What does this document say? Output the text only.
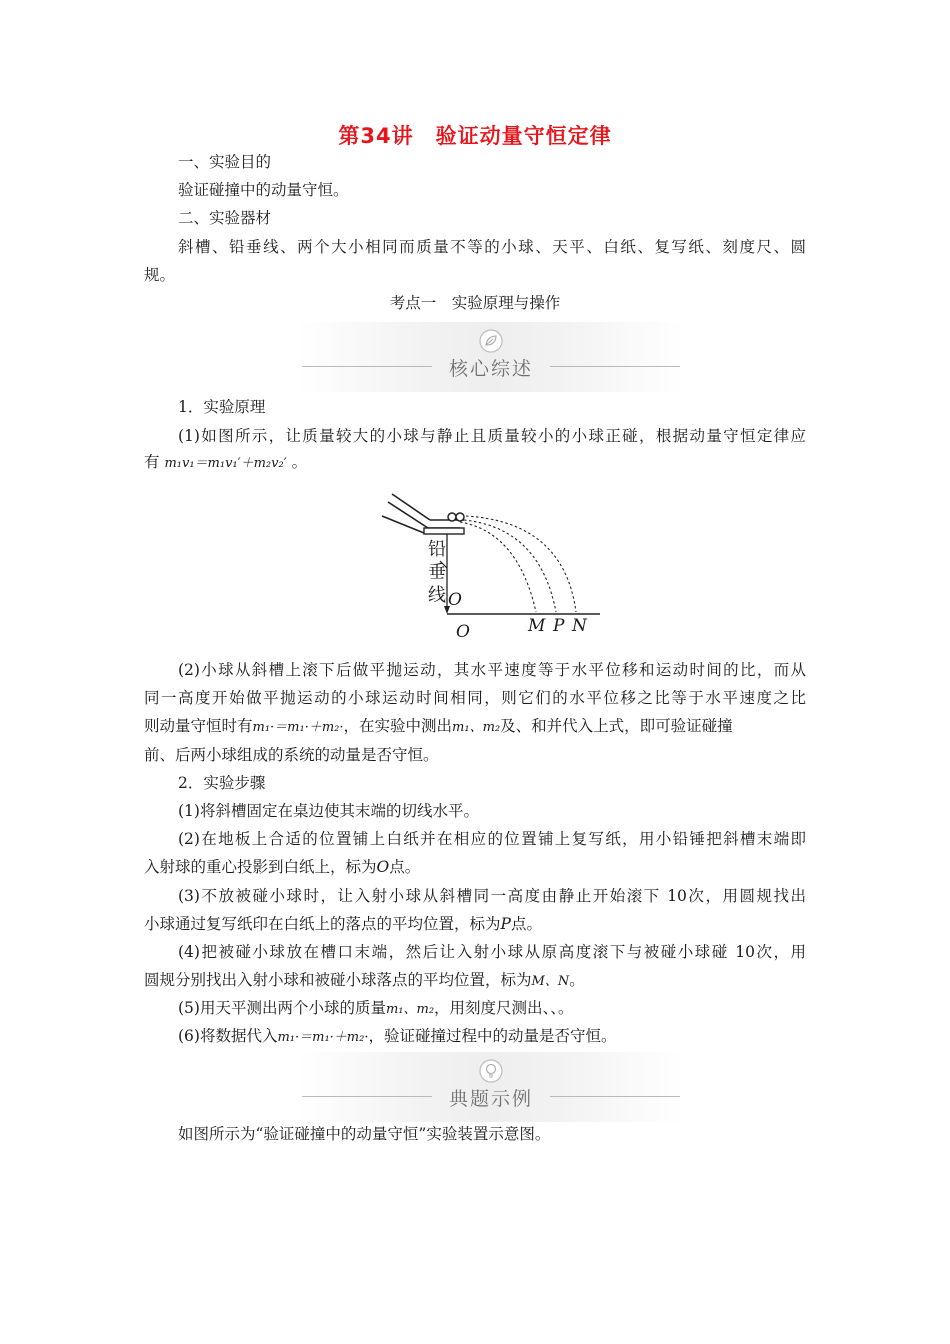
第34讲　验证动量守恒定律
一、实验目的
验证碰撞中的动量守恒。
二、实验器材
斜槽、铅垂线、两个大小相同而质量不等的小球、天平、白纸、复写纸、刻度尺、圆
规。
考点一　实验原理与操作
核心综述
1．实验原理
(1)如图所示，让质量较大的小球与静止且质量较小的小球正碰，根据动量守恒定律应
有 m₁v₁＝m₁v₁′＋m₂v₂′ 。
铅
垂
线 O
O	M P N
(2)小球从斜槽上滚下后做平抛运动，其水平速度等于水平位移和运动时间的比，而从
同一高度开始做平抛运动的小球运动时间相同，则它们的水平位移之比等于水平速度之比
则动量守恒时有m₁·＝m₁·＋m₂·，在实验中测出m₁、m₂及、和并代入上式，即可验证碰撞
前、后两小球组成的系统的动量是否守恒。
2．实验步骤
(1)将斜槽固定在桌边使其末端的切线水平。
(2)在地板上合适的位置铺上白纸并在相应的位置铺上复写纸，用小铅锤把斜槽末端即
入射球的重心投影到白纸上，标为O点。
(3)不放被碰小球时，让入射小球从斜槽同一高度由静止开始滚下 10次，用圆规找出
小球通过复写纸印在白纸上的落点的平均位置，标为P点。
(4)把被碰小球放在槽口末端，然后让入射小球从原高度滚下与被碰小球碰 10次，用
圆规分别找出入射小球和被碰小球落点的平均位置，标为M、N。
(5)用天平测出两个小球的质量m₁、m₂，用刻度尺测出、、。
(6)将数据代入m₁·＝m₁·＋m₂·，验证碰撞过程中的动量是否守恒。
典题示例
如图所示为“验证碰撞中的动量守恒”实验装置示意图。
